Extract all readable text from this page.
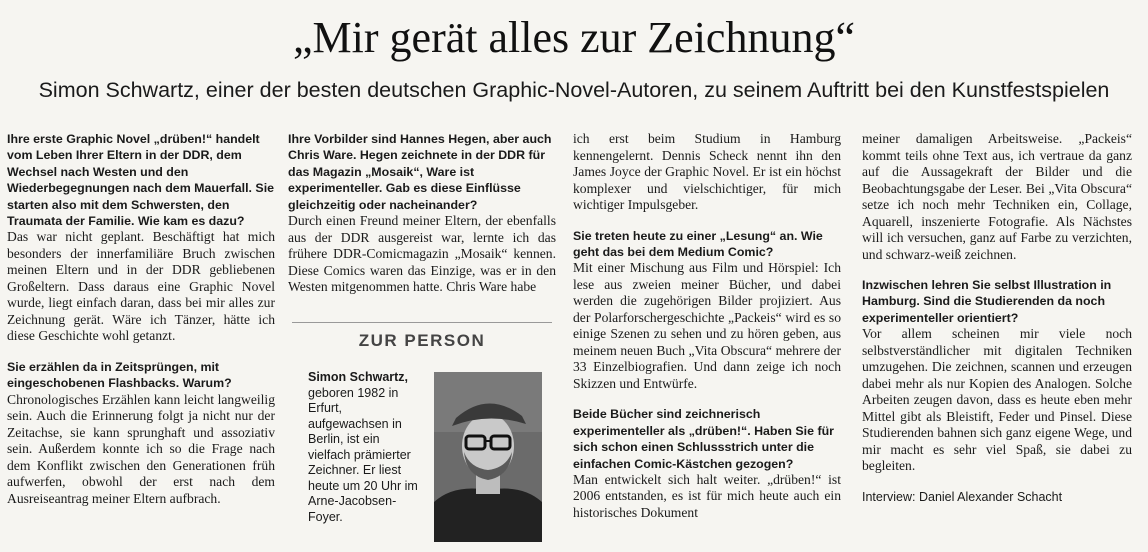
„Mir gerät alles zur Zeichnung“
Simon Schwartz, einer der besten deutschen Graphic-Novel-Autoren, zu seinem Auftritt bei den Kunstfestspielen

Ihre erste Graphic Novel „drüben!“ handelt vom Leben Ihrer Eltern in der DDR, dem Wechsel nach Westen und den Wiederbegegnungen nach dem Mauerfall. Sie starten also mit dem Schwersten, den Traumata der Familie. Wie kam es dazu?

Das war nicht geplant. Beschäftigt hat mich besonders der innerfamiliäre Bruch zwischen meinen Eltern und in der DDR gebliebenen Großeltern. Dass daraus eine Graphic Novel wurde, liegt einfach daran, dass bei mir alles zur Zeichnung gerät. Wäre ich Tänzer, hätte ich diese Geschichte wohl getanzt.

Sie erzählen da in Zeitsprüngen, mit eingeschobenen Flashbacks. Warum?

Chronologisches Erzählen kann leicht langweilig sein. Auch die Erinnerung folgt ja nicht nur der Zeitachse, sie kann sprunghaft und assoziativ sein. Außerdem konnte ich so die Frage nach dem Konflikt zwischen den Generationen früh aufwerfen, obwohl der erst nach dem Ausreiseantrag meiner Eltern aufbrach.

Ihre Vorbilder sind Hannes Hegen, aber auch Chris Ware. Hegen zeichnete in der DDR für das Magazin „Mosaik“, Ware ist experimenteller. Gab es diese Einflüsse gleichzeitig oder nacheinander?

Durch einen Freund meiner Eltern, der ebenfalls aus der DDR ausgereist war, lernte ich das frühere DDR-Comicmagazin „Mosaik“ kennen. Diese Comics waren das Einzige, was er in den Westen mitgenommen hatte. Chris Ware habe

ZUR PERSON
Simon Schwartz, geboren 1982 in Erfurt, aufgewachsen in Berlin, ist ein vielfach prämierter Zeichner. Er liest heute um 20 Uhr im Arne-Jacobsen-Foyer.

ich erst beim Studium in Hamburg kennengelernt. Dennis Scheck nennt ihn den James Joyce der Graphic Novel. Er ist ein höchst komplexer und vielschichtiger, für mich wichtiger Impulsgeber.

Sie treten heute zu einer „Lesung“ an. Wie geht das bei dem Medium Comic?

Mit einer Mischung aus Film und Hörspiel: Ich lese aus zweien meiner Bücher, und dabei werden die zugehörigen Bilder projiziert. Aus der Polarforschergeschichte „Packeis“ wird es so einige Szenen zu sehen und zu hören geben, aus meinem neuen Buch „Vita Obscura“ mehrere der 33 Einzelbiografien. Und dann zeige ich noch Skizzen und Entwürfe.

Beide Bücher sind zeichnerisch experimenteller als „drüben!“. Haben Sie für sich schon einen Schlussstrich unter die einfachen Comic-Kästchen gezogen?

Man entwickelt sich halt weiter. „drüben!“ ist 2006 entstanden, es ist für mich heute auch ein historisches Dokument

meiner damaligen Arbeitsweise. „Packeis“ kommt teils ohne Text aus, ich vertraue da ganz auf die Aussagekraft der Bilder und die Beobachtungsgabe der Leser. Bei „Vita Obscura“ setze ich noch mehr Techniken ein, Collage, Aquarell, inszenierte Fotografie. Als Nächstes will ich versuchen, ganz auf Farbe zu verzichten, und schwarz-weiß zeichnen.

Inzwischen lehren Sie selbst Illustration in Hamburg. Sind die Studierenden da noch experimenteller orientiert?

Vor allem scheinen mir viele noch selbstverständlicher mit digitalen Techniken umzugehen. Die zeichnen, scannen und erzeugen dabei mehr als nur Kopien des Analogen. Solche Arbeiten zeugen davon, dass es heute eben mehr Mittel gibt als Bleistift, Feder und Pinsel. Diese Studierenden bahnen sich ganz eigene Wege, und mir macht es sehr viel Spaß, sie dabei zu begleiten.

Interview: Daniel Alexander Schacht
